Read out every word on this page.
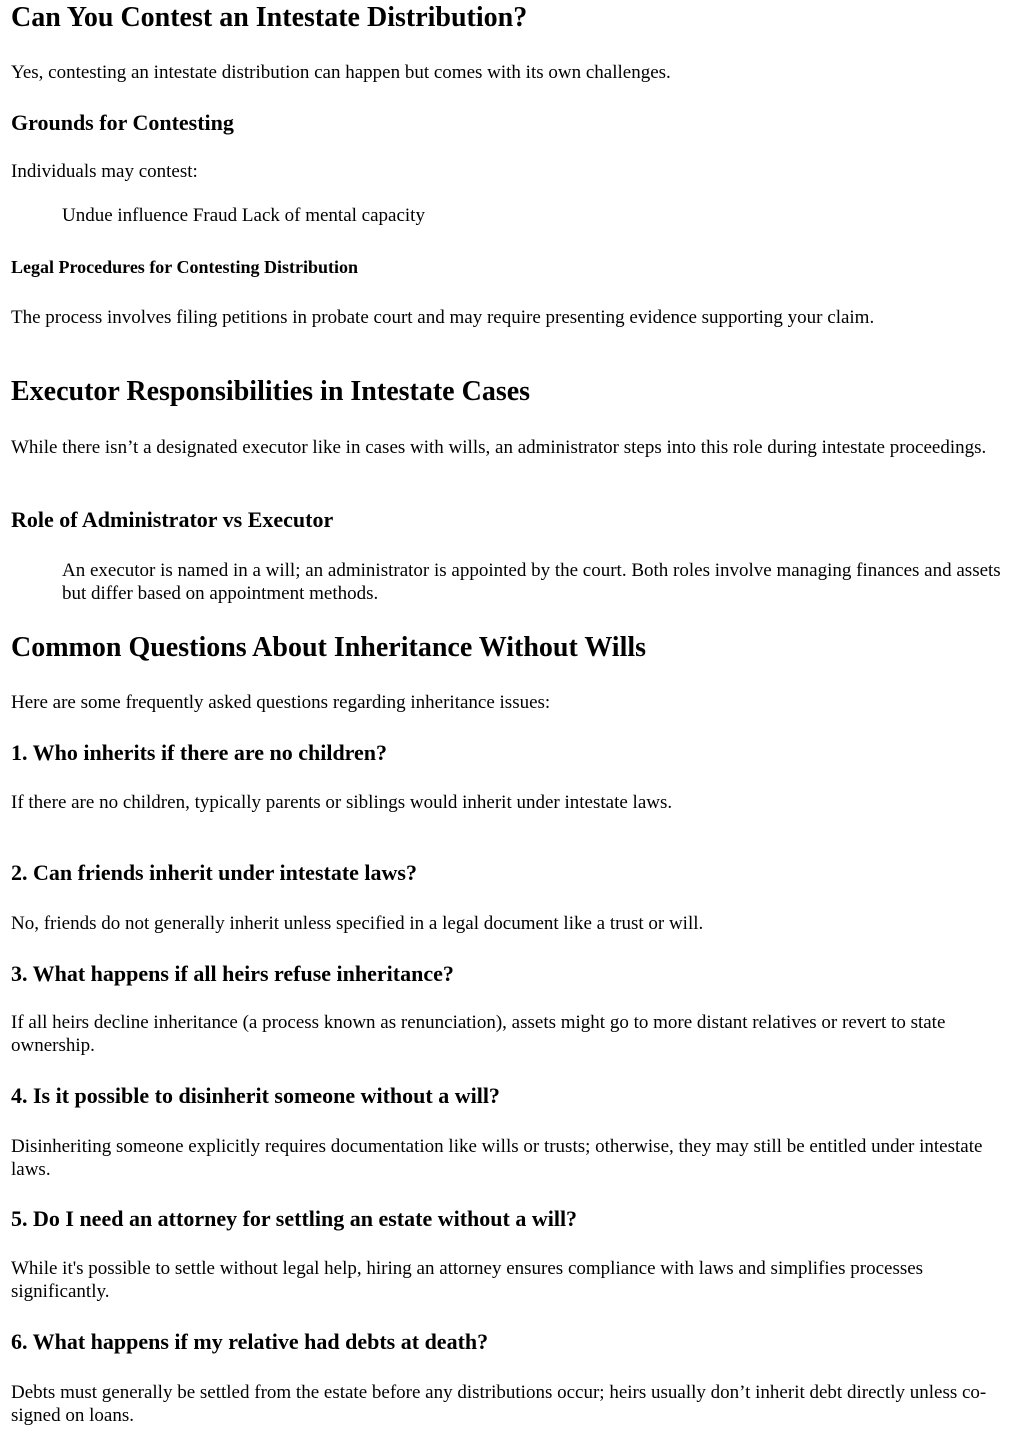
Can You Contest an Intestate Distribution?

Yes, contesting an intestate distribution can happen but comes with its own challenges.

Grounds for Contesting

Individuals may contest:

Undue influence Fraud Lack of mental capacity

Legal Procedures for Contesting Distribution

The process involves filing petitions in probate court and may require presenting evidence supporting your claim.

Executor Responsibilities in Intestate Cases

While there isn’t a designated executor like in cases with wills, an administrator steps into this role during intestate proceedings.

Role of Administrator vs Executor

An executor is named in a will; an administrator is appointed by the court. Both roles involve managing finances and assets but differ based on appointment methods.

Common Questions About Inheritance Without Wills

Here are some frequently asked questions regarding inheritance issues:

1. Who inherits if there are no children?

If there are no children, typically parents or siblings would inherit under intestate laws.

2. Can friends inherit under intestate laws?

No, friends do not generally inherit unless specified in a legal document like a trust or will.

3. What happens if all heirs refuse inheritance?

If all heirs decline inheritance (a process known as renunciation), assets might go to more distant relatives or revert to state ownership.

4. Is it possible to disinherit someone without a will?

Disinheriting someone explicitly requires documentation like wills or trusts; otherwise, they may still be entitled under intestate laws.

5. Do I need an attorney for settling an estate without a will?

While it's possible to settle without legal help, hiring an attorney ensures compliance with laws and simplifies processes significantly.

6. What happens if my relative had debts at death?

Debts must generally be settled from the estate before any distributions occur; heirs usually don’t inherit debt directly unless co-signed on loans.
